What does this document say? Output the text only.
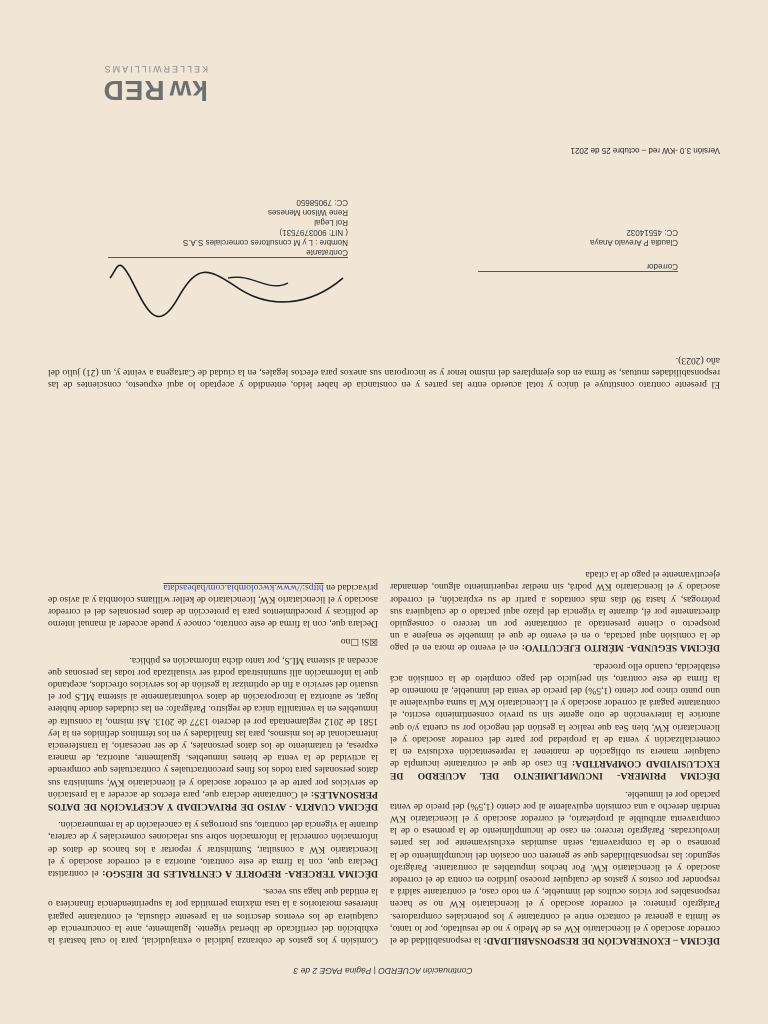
Continuación ACUERDO | Página PAGE 2 de 3

DÉCIMA – EXONERACIÓN DE RESPONSABILIDAD: la responsabilidad de el corredor asociado y el licenciatario KW es de Medio y no de resultado, por lo tanto, se limita a generar el contacto entre el contratante y los potenciales compradores. Parágrafo primero: el corredor asociado y el licenciatario KW no se hacen responsables por vicios ocultos del inmueble, y en todo caso, el contratante saldrá a responder por costos y gastos de cualquier proceso jurídico en contra de el corredor asociado y el licenciatario KW. Por hechos imputables al contratante. Parágrafo segundo: las responsabilidades que se generen con ocasión del incumplimiento de la promesa o de la compraventa, serán asumidas exclusivamente por las partes involucradas. Parágrafo tercero: en caso de incumplimiento de la promesa o de la compraventa atribuible al propietario, el corredor asociado y el licenciatario KW tendrán derecho a una comisión equivalente al por ciento (1,5%) del precio de venta pactado por el inmueble.

DÉCIMA PRIMERA- INCUMPLIMIENTO DEL ACUERDO DE EXCLUSIVIDAD COMPARTIDA: En caso de que el contratante incumpla de cualquier manera su obligación de mantener la representación exclusiva en la comercialización y venta de la propiedad por parte del corredor asociado y el licenciatario KW, bien Sea que realice la gestión del negocio por su cuenta y/o que autorice la intervención de otro agente sin su previo consentimiento escrito, el contratante pagará al corredor asociado y el Licenciatario KW la suma equivalente al uno punto cinco por ciento (1,5%) del precio de venta del inmueble, al momento de la firma de este contrato, sin perjuicio del pago completo de la comisión acá establecida, cuando ello proceda.

DÉCIMA SEGUNDA- MÉRITO EJECUTIVO: en el evento de mora en el pago de la comisión aquí pactada, o en el evento de que el inmueble se enajene a un prospecto o cliente presentado al contratante por un tercero o conseguido directamente por él, durante la vigencia del plazo aquí pactado o de cualquiera sus prórrogas, y hasta 90 días más contados a partir de su expiración, el corredor asociado y el licenciatario KW podrá, sin mediar requerimiento alguno, demandar ejecutivamente el pago de la citada

Comisión y los gastos de cobranza judicial o extrajudicial, para lo cual bastará la exhibición del certificado de libertad vigente. Igualmente, ante la concurrencia de cualquiera de los eventos descritos en la presente cláusula, el contratante pagará intereses moratorios a la tasa máxima permitida por la superintendencia financiera o la entidad que haga sus veces.

DÉCIMA TERCERA- REPORTE A CENTRALES DE RIESGO: el contratista Declara que, con la firma de este contrato, autoriza a el corredor asociado y el licenciatario KW a consultar, Suministrar y reportar a los bancos de datos de información comercial la información sobre sus relaciones comerciales y de cartera, durante la vigencia del contrato, sus prorrogas y la cancelación de la remuneración.

DÉCIMA CUARTA - AVISO DE PRIVACIDAD Y ACEPTACIÓN DE DATOS PERSONALES: el Contratante declara que, para efectos de acceder a la prestación de servicios por parte de el corredor asociado y el licenciatario KW, suministra sus datos personales para todos los fines precontractuales y contractuales que comprende la actividad de la venta de bienes inmuebles. Igualmente, autoriza, de manera expresa, el tratamiento de los datos personales, y de ser necesario, la transferencia internacional de los mismos, para las finalidades y en los términos definidos en la ley 1581 de 2012 reglamentada por el decreto 1377 de 2013. Así mismo, la consulta de inmuebles en la ventanilla única de registro. Parágrafo: en las ciudades donde hubiere lugar, se autoriza la incorporación de datos voluntariamente al sistema MLS por el usuario del servicio a fin de optimizar la gestión de los servicios ofrecidos, aceptando que la información allí suministrada podrá ser visualizada por todas las personas que accedan al sistema MLS, por tanto dicha información es pública.

☒Si ☐no

Declara que, con la firma de este contrato, conoce y puede acceder al manual interno de políticas y procedimientos para la protección de datos personales del el corredor asociado y el licenciatario KW, licenciatario de keller williams colombia y al aviso de privacidad en https://www.kwcolombia.com/habeasdata

El presente contrato constituye el único y total acuerdo entre las partes y en constancia de haber leído, entendido y aceptado lo aquí expuesto, conscientes de las responsabilidades mutuas, se firma en dos ejemplares del mismo tenor y se incorporan sus anexos para efectos legales, en la ciudad de Cartagena a veinte y, un (21) julio del año (2023).

Contratante
Nombre : L y M consultores comerciales S.A.S
( NIT: 9003797531)
Rol Legal
Rene Wilson Meneses
CC: 79058650
Corredor
Claudia P Arevalo Anaya
CC: 45514032
Versión 3.0 -KW red – octubre 25 de 2021
kw RED
KELLERWILLIAMS
